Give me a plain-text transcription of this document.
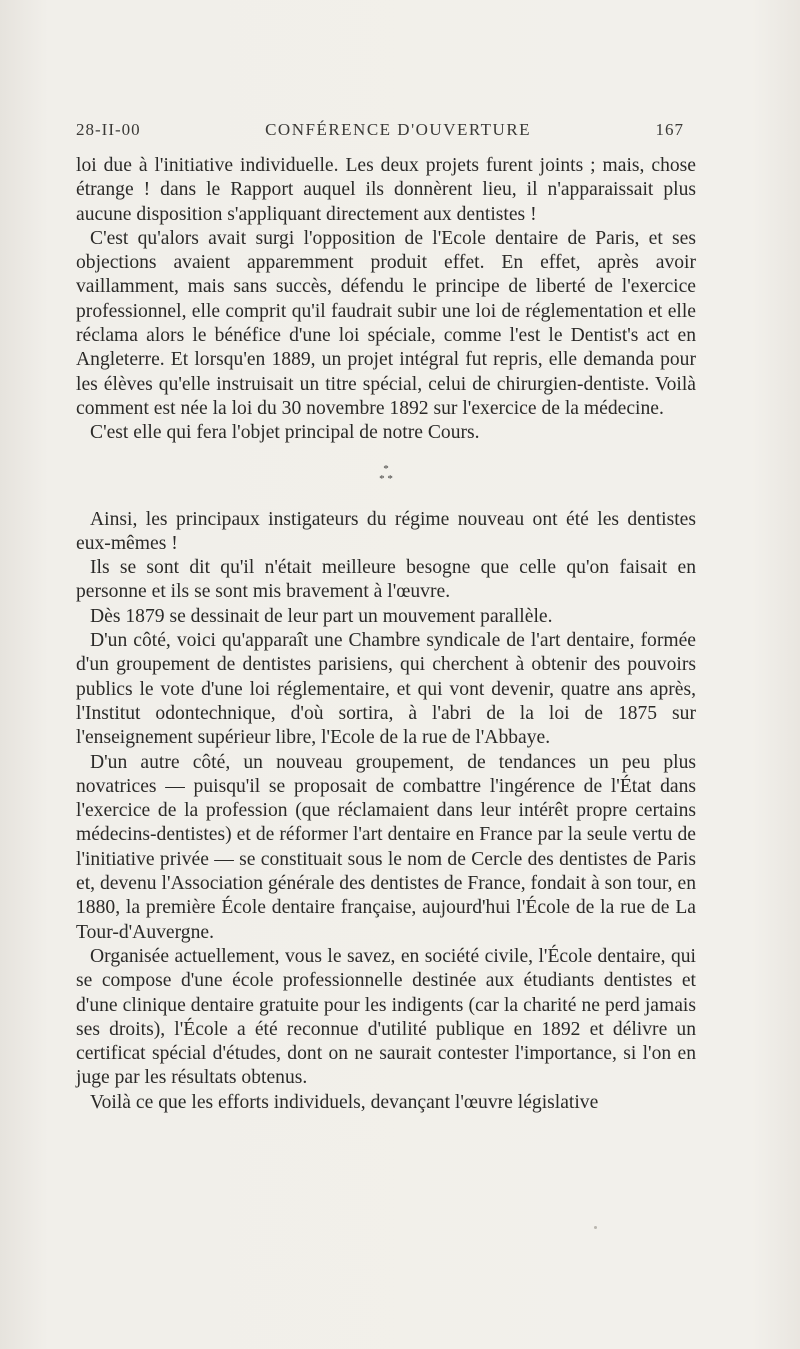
28-II-00	CONFÉRENCE D'OUVERTURE	167

loi due à l'initiative individuelle. Les deux projets furent joints ; mais, chose étrange ! dans le Rapport auquel ils donnèrent lieu, il n'apparaissait plus aucune disposition s'appliquant directement aux dentistes !

C'est qu'alors avait surgi l'opposition de l'Ecole dentaire de Paris, et ses objections avaient apparemment produit effet. En effet, après avoir vaillamment, mais sans succès, défendu le principe de liberté de l'exercice professionnel, elle comprit qu'il faudrait subir une loi de réglementation et elle réclama alors le bénéfice d'une loi spéciale, comme l'est le Dentist's act en Angleterre. Et lorsqu'en 1889, un projet intégral fut repris, elle demanda pour les élèves qu'elle instruisait un titre spécial, celui de chirurgien-dentiste. Voilà comment est née la loi du 30 novembre 1892 sur l'exercice de la médecine.

C'est elle qui fera l'objet principal de notre Cours.

*
* *

Ainsi, les principaux instigateurs du régime nouveau ont été les dentistes eux-mêmes !

Ils se sont dit qu'il n'était meilleure besogne que celle qu'on faisait en personne et ils se sont mis bravement à l'œuvre.

Dès 1879 se dessinait de leur part un mouvement parallèle.

D'un côté, voici qu'apparaît une Chambre syndicale de l'art dentaire, formée d'un groupement de dentistes parisiens, qui cherchent à obtenir des pouvoirs publics le vote d'une loi réglementaire, et qui vont devenir, quatre ans après, l'Institut odontechnique, d'où sortira, à l'abri de la loi de 1875 sur l'enseignement supérieur libre, l'Ecole de la rue de l'Abbaye.

D'un autre côté, un nouveau groupement, de tendances un peu plus novatrices — puisqu'il se proposait de combattre l'ingérence de l'État dans l'exercice de la profession (que réclamaient dans leur intérêt propre certains médecins-dentistes) et de réformer l'art dentaire en France par la seule vertu de l'initiative privée — se constituait sous le nom de Cercle des dentistes de Paris et, devenu l'Association générale des dentistes de France, fondait à son tour, en 1880, la première École dentaire française, aujourd'hui l'École de la rue de La Tour-d'Auvergne.

Organisée actuellement, vous le savez, en société civile, l'École dentaire, qui se compose d'une école professionnelle destinée aux étudiants dentistes et d'une clinique dentaire gratuite pour les indigents (car la charité ne perd jamais ses droits), l'École a été reconnue d'utilité publique en 1892 et délivre un certificat spécial d'études, dont on ne saurait contester l'importance, si l'on en juge par les résultats obtenus.

Voilà ce que les efforts individuels, devançant l'œuvre législative
